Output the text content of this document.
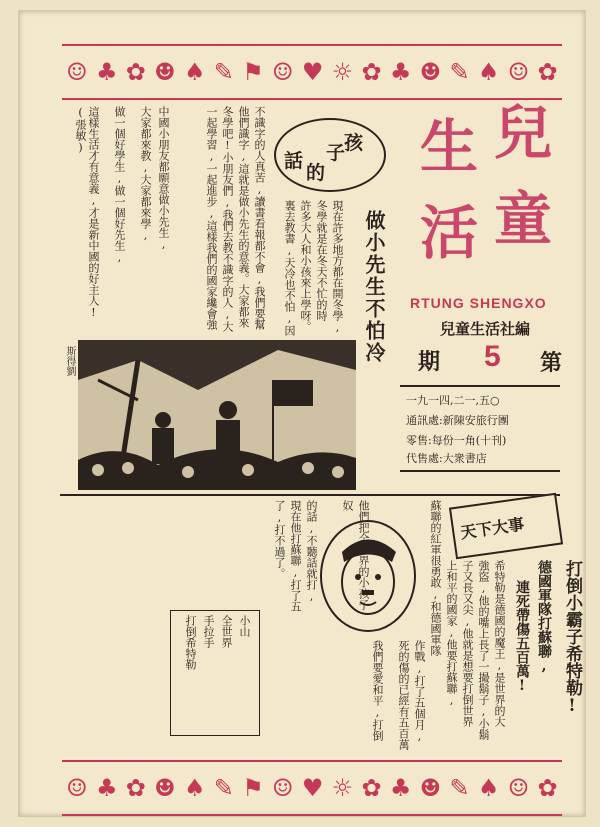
☺ ♣ ✿ ☻ ♠ ✎ ⚑ ☺ ♥ ☼ ✿ ♣ ☻ ✎ ♠ ☺ ✿
☺ ♣ ✿ ☻ ♠ ✎ ⚑ ☺ ♥ ☼ ✿ ♣ ☻ ✎ ♠ ☺ ✿
兒
童
生
活
RTUNG SHENGXO
兒童生活社編
期 5 第
一九一四,二一,五○
通訊處:新陳安旅行團
零售:每份一角(十刊)
代售處:大衆書店
做小先生不怕冷
孩
子
的
話
現在許多地方都在開冬學,
冬學就是在冬天不忙的時
許多大人和小孩來上學呀。
裏去教書,天冷也不怕,因
不識字的人真苦,讀書看報都不會,我們要幫
他們識字,這就是做小先生的意義。大家都來
冬學吧!小朋友們,我們去教不識字的人,大
一起學習,一起進步,這樣我們的國家纔會強
中國小朋友都願意做小先生,
大家都來教,大家都來學,
做一個好學生,做一個好先生,
這樣生活才有意義,才是新中國的好主人!(張敏)
斯得劉
天下大事
打倒小霸子希特勒!
德國軍隊打蘇聯,
連死帶傷五百萬!
希特勒是德國的魔王,是世界的大
強盜,他的嘴上長了一撮鬍子,小鬍
子又長又尖,他就是想要打倒世界
上和平的國家,他要打蘇聯,
蘇聯的紅軍很勇敢,和德國軍隊
作戰,打了五個月,
死的傷的已經有五百萬
我們要愛和平,打倒
他們把全世界的小孩子
奴
的話,不聽話就打,
現在他打蘇聯,打了五
了,打不過了。
小山
全世界
手拉手
打倒希特勒
